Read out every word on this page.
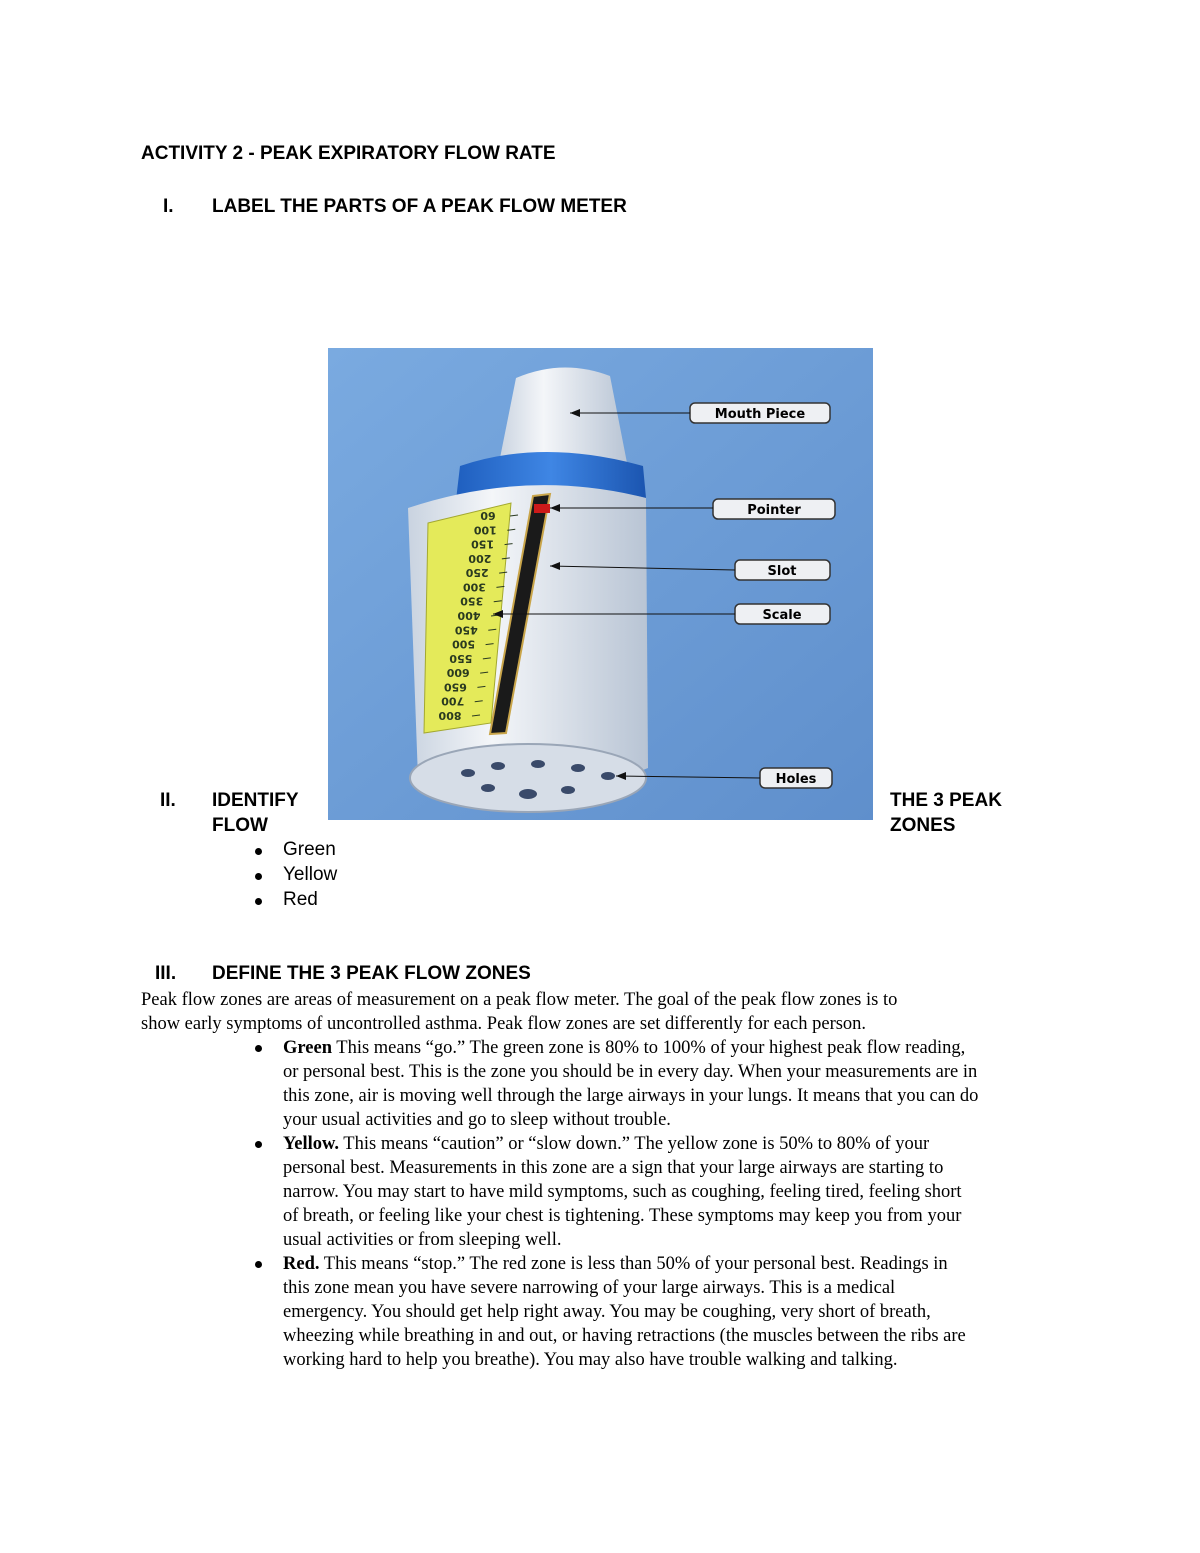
ACTIVITY 2 - PEAK EXPIRATORY FLOW RATE
I. LABEL THE PARTS OF A PEAK FLOW METER
60
100
150
200
250
300
350
400
450
500
550
600
650
700
800
Mouth Piece
Pointer
Slot
Scale
Holes
II. IDENTIFY
FLOW
THE 3 PEAK
ZONES
Green
Yellow
Red
III. DEFINE THE 3 PEAK FLOW ZONES
Peak flow zones are areas of measurement on a peak flow meter. The goal of the peak flow zones is to
show early symptoms of uncontrolled asthma. Peak flow zones are set differently for each person.
Green This means “go.” The green zone is 80% to 100% of your highest peak flow reading,
or personal best. This is the zone you should be in every day. When your measurements are in
this zone, air is moving well through the large airways in your lungs. It means that you can do
your usual activities and go to sleep without trouble.
Yellow. This means “caution” or “slow down.” The yellow zone is 50% to 80% of your
personal best. Measurements in this zone are a sign that your large airways are starting to
narrow. You may start to have mild symptoms, such as coughing, feeling tired, feeling short
of breath, or feeling like your chest is tightening. These symptoms may keep you from your
usual activities or from sleeping well.
Red. This means “stop.” The red zone is less than 50% of your personal best. Readings in
this zone mean you have severe narrowing of your large airways. This is a medical
emergency. You should get help right away. You may be coughing, very short of breath,
wheezing while breathing in and out, or having retractions (the muscles between the ribs are
working hard to help you breathe). You may also have trouble walking and talking.
